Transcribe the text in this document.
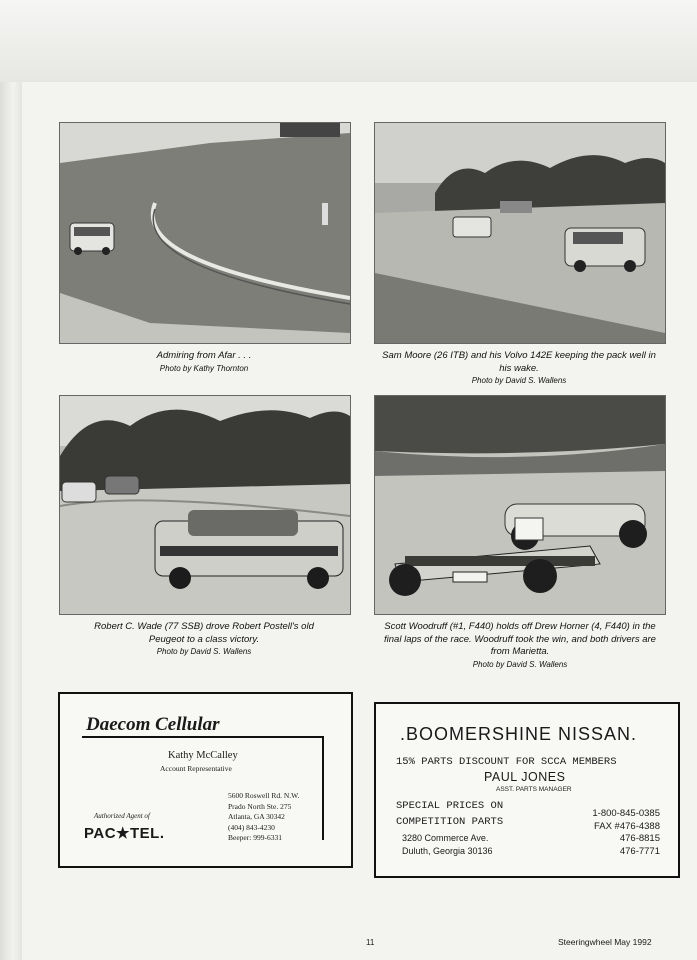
Admiring from Afar . . .
Photo by Kathy Thornton
Sam Moore (26 ITB) and his Volvo 142E keeping the pack well in his wake.
Photo by David S. Wallens
Robert C. Wade (77 SSB) drove Robert Postell's old Peugeot to a class victory.
Photo by David S. Wallens
Scott Woodruff (#1, F440) holds off Drew Horner (4, F440) in the final laps of the race. Woodruff took the win, and both drivers are from Marietta.
Photo by David S. Wallens
Daecom Cellular
Kathy McCalley
Account Representative
5600 Roswell Rd. N.W.
Prado North Ste. 275
Atlanta, GA 30342
(404) 843-4230
Beeper: 999-6331
Authorized Agent of
PAC★TEL.
.BOOMERSHINE NISSAN.
15% PARTS DISCOUNT FOR SCCA MEMBERS
PAUL JONES
ASST. PARTS MANAGER
SPECIAL PRICES ON
COMPETITION PARTS
3280 Commerce Ave.
Duluth, Georgia 30136
1-800-845-0385
FAX #476-4388
476-8815
476-7771
11	Steeringwheel May 1992
